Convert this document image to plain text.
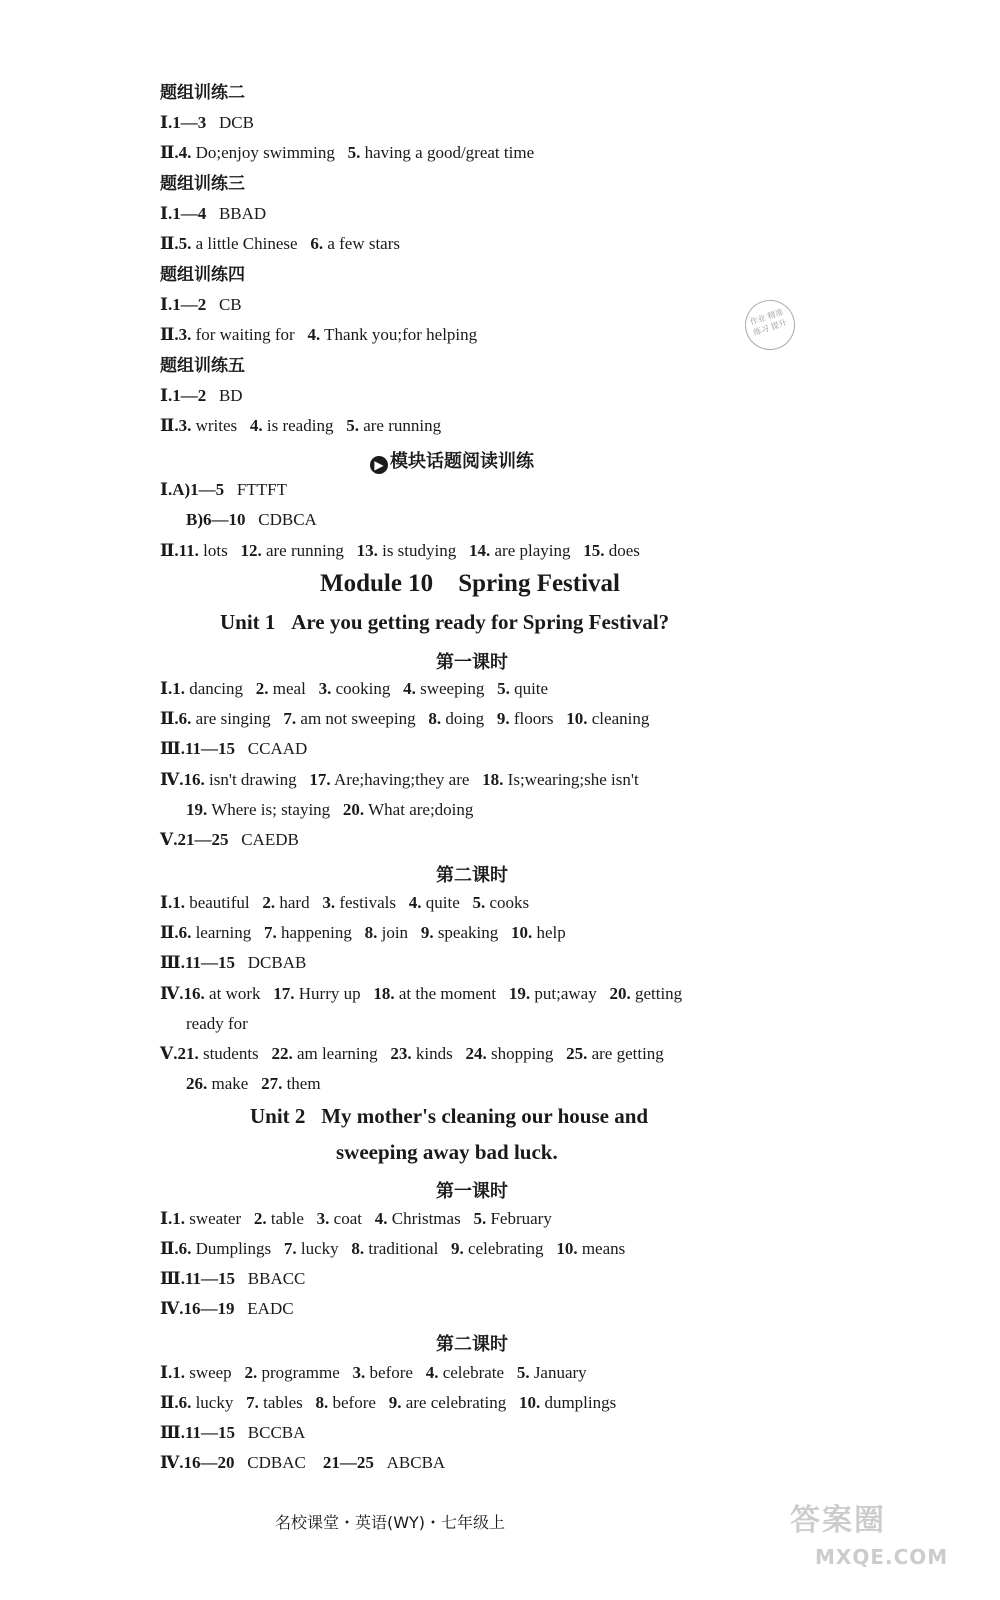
题组训练二
Ⅰ.1—3 DCB
Ⅱ.4. Do;enjoy swimming 5. having a good/great time
题组训练三
Ⅰ.1—4 BBAD
Ⅱ.5. a little Chinese 6. a few stars
题组训练四
Ⅰ.1—2 CB
Ⅱ.3. for waiting for 4. Thank you;for helping
作业 精准练习 提升
题组训练五
Ⅰ.1—2 BD
Ⅱ.3. writes 4. is reading 5. are running
▶ 模块话题阅读训练
Ⅰ.A)1—5 FTTFT
B)6—10 CDBCA
Ⅱ.11. lots 12. are running 13. is studying 14. are playing 15. does
Module 10 Spring Festival
Unit 1 Are you getting ready for Spring Festival?
第一课时
Ⅰ.1. dancing 2. meal 3. cooking 4. sweeping 5. quite
Ⅱ.6. are singing 7. am not sweeping 8. doing 9. floors 10. cleaning
Ⅲ.11—15 CCAAD
Ⅳ.16. isn't drawing 17. Are;having;they are 18. Is;wearing;she isn't
19. Where is; staying 20. What are;doing
Ⅴ.21—25 CAEDB
第二课时
Ⅰ.1. beautiful 2. hard 3. festivals 4. quite 5. cooks
Ⅱ.6. learning 7. happening 8. join 9. speaking 10. help
Ⅲ.11—15 DCBAB
Ⅳ.16. at work 17. Hurry up 18. at the moment 19. put;away 20. getting
ready for
Ⅴ.21. students 22. am learning 23. kinds 24. shopping 25. are getting
26. make 27. them
Unit 2 My mother's cleaning our house and
sweeping away bad luck.
第一课时
Ⅰ.1. sweater 2. table 3. coat 4. Christmas 5. February
Ⅱ.6. Dumplings 7. lucky 8. traditional 9. celebrating 10. means
Ⅲ.11—15 BBACC
Ⅳ.16—19 EADC
第二课时
Ⅰ.1. sweep 2. programme 3. before 4. celebrate 5. January
Ⅱ.6. lucky 7. tables 8. before 9. are celebrating 10. dumplings
Ⅲ.11—15 BCCBA
Ⅳ.16—20 CDBAC 21—25 ABCBA
名校课堂・英语(WY)・七年级上	答案圈
MXQE.COM
